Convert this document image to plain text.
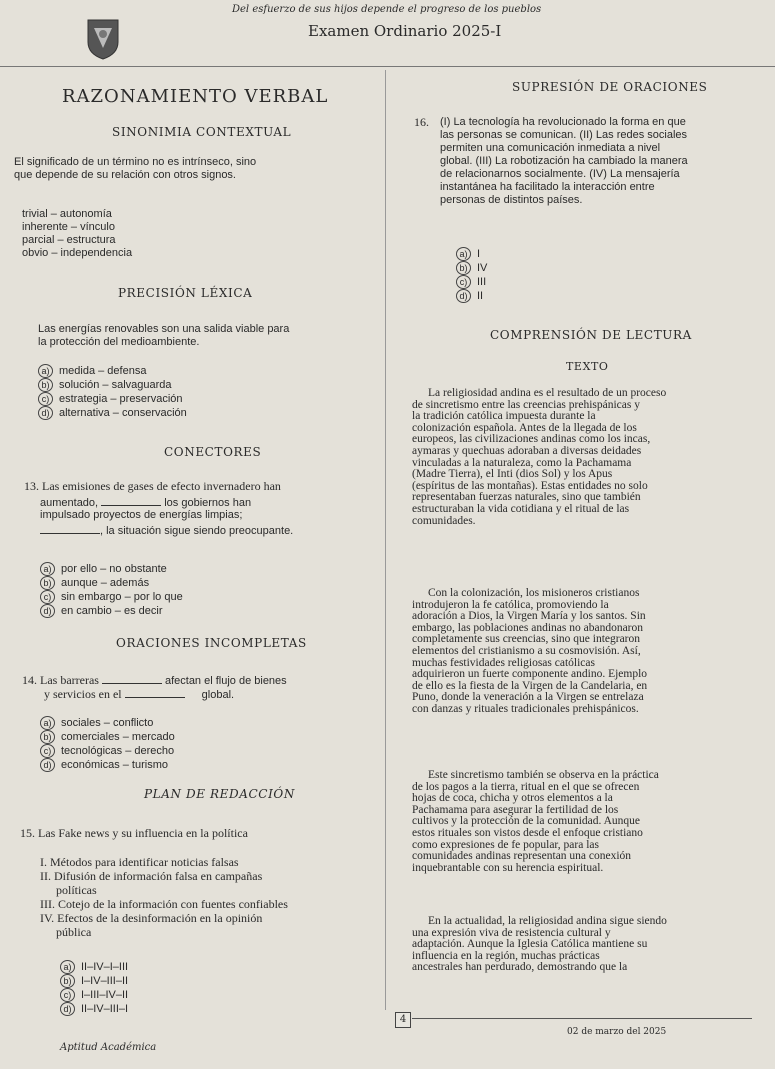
Del esfuerzo de sus hijos depende el progreso de los pueblos
Examen Ordinario 2025-I
RAZONAMIENTO VERBAL
SINONIMIA CONTEXTUAL
El significado de un término no es intrínseco, sino
que depende de su relación con otros signos.
trivial – autonomía
inherente – vínculo
parcial – estructura
obvio – independencia
PRECISIÓN LÉXICA
Las energías renovables son una salida viable para
la protección del medioambiente.
a) medida – defensa
b) solución – salvaguarda
c) estrategia – preservación
d) alternativa – conservación
CONECTORES
13. Las emisiones de gases de efecto invernadero han
aumentado,	los gobiernos han
impulsado proyectos de energías limpias;
, la situación sigue siendo preocupante.
a) por ello – no obstante
b) aunque – además
c) sin embargo – por lo que
d) en cambio – es decir
ORACIONES INCOMPLETAS
14. Las barreras	afectan el flujo de bienes
y servicios en el	global.
a) sociales – conflicto
b) comerciales – mercado
c) tecnológicas – derecho
d) económicas – turismo
PLAN DE REDACCIÓN
15. Las Fake news y su influencia en la política
I. Métodos para identificar noticias falsas
II. Difusión de información falsa en campañas
políticas
III. Cotejo de la información con fuentes confiables
IV. Efectos de la desinformación en la opinión
pública
a) II–IV–I–III
b) I–IV–III–II
c) I–III–IV–II
d) II–IV–III–I
SUPRESIÓN DE ORACIONES
16. (I) La tecnología ha revolucionado la forma en que
las personas se comunican. (II) Las redes sociales
permiten una comunicación inmediata a nivel
global. (III) La robotización ha cambiado la manera
de relacionarnos socialmente. (IV) La mensajería
instantánea ha facilitado la interacción entre
personas de distintos países.
a) I
b) IV
c) III
d) II
COMPRENSIÓN DE LECTURA
TEXTO
La religiosidad andina es el resultado de un proceso
de sincretismo entre las creencias prehispánicas y
la tradición católica impuesta durante la
colonización española. Antes de la llegada de los
europeos, las civilizaciones andinas como los incas,
aymaras y quechuas adoraban a diversas deidades
vinculadas a la naturaleza, como la Pachamama
(Madre Tierra), el Inti (dios Sol) y los Apus
(espíritus de las montañas). Estas entidades no solo
representaban fuerzas naturales, sino que también
estructuraban la vida cotidiana y el ritual de las
comunidades.
Con la colonización, los misioneros cristianos
introdujeron la fe católica, promoviendo la
adoración a Dios, la Virgen María y los santos. Sin
embargo, las poblaciones andinas no abandonaron
completamente sus creencias, sino que integraron
elementos del cristianismo a su cosmovisión. Así,
muchas festividades religiosas católicas
adquirieron un fuerte componente andino. Ejemplo
de ello es la fiesta de la Virgen de la Candelaria, en
Puno, donde la veneración a la Virgen se entrelaza
con danzas y rituales tradicionales prehispánicos.
Este sincretismo también se observa en la práctica
de los pagos a la tierra, ritual en el que se ofrecen
hojas de coca, chicha y otros elementos a la
Pachamama para asegurar la fertilidad de los
cultivos y la protección de la comunidad. Aunque
estos rituales son vistos desde el enfoque cristiano
como expresiones de fe popular, para las
comunidades andinas representan una conexión
inquebrantable con su herencia espiritual.
En la actualidad, la religiosidad andina sigue siendo
una expresión viva de resistencia cultural y
adaptación. Aunque la Iglesia Católica mantiene su
influencia en la región, muchas prácticas
ancestrales han perdurado, demostrando que la
4
02 de marzo del 2025
Aptitud Académica
